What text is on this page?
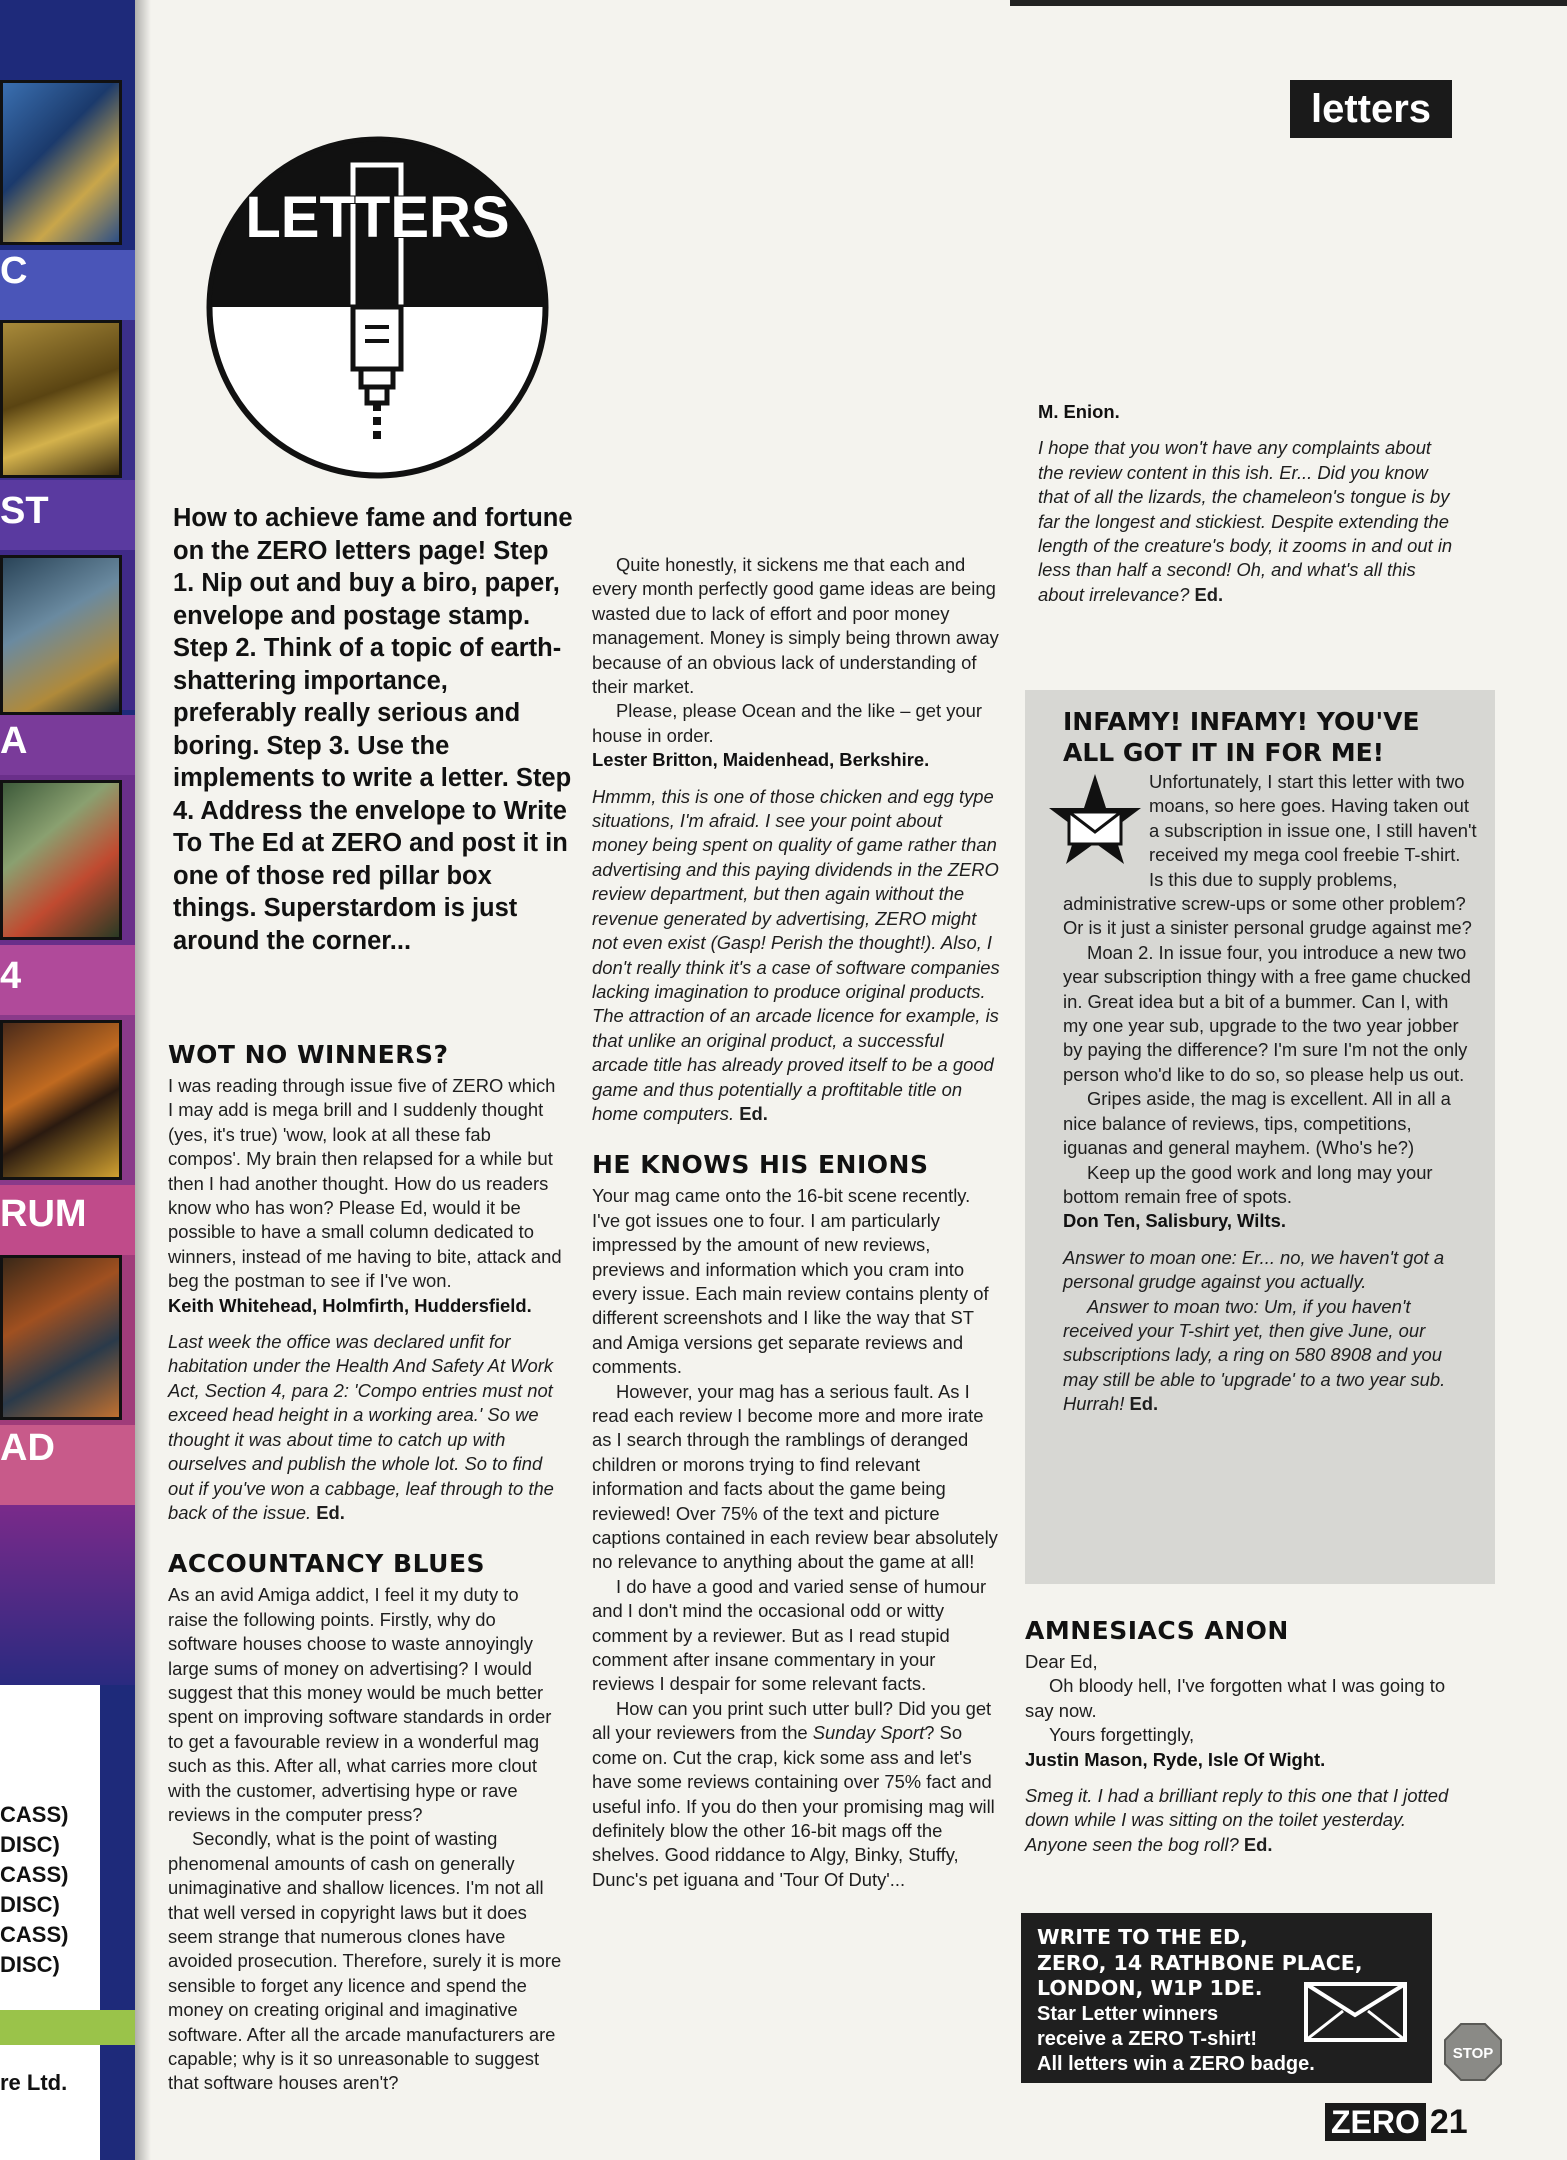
C
ST
A
4
RUM
AD
CASS)
DISC)
CASS)
DISC)
CASS)
DISC)
re Ltd.
letters
LETTERS
How to achieve fame and fortune on the ZERO letters page! Step 1. Nip out and buy a biro, paper, envelope and postage stamp. Step 2. Think of a topic of earth-shattering importance, preferably really serious and boring. Step 3. Use the implements to write a letter. Step 4. Address the envelope to Write To The Ed at ZERO and post it in one of those red pillar box things. Superstardom is just around the corner...
WOT NO WINNERS?

I was reading through issue five of ZERO which I may add is mega brill and I suddenly thought (yes, it's true) 'wow, look at all these fab compos'. My brain then relapsed for a while but then I had another thought. How do us readers know who has won? Please Ed, would it be possible to have a small column dedicated to winners, instead of me having to bite, attack and beg the postman to see if I've won.

Keith Whitehead, Holmfirth, Huddersfield.

Last week the office was declared unfit for habitation under the Health And Safety At Work Act, Section 4, para 2: 'Compo entries must not exceed head height in a working area.' So we thought it was about time to catch up with ourselves and publish the whole lot. So to find out if you've won a cabbage, leaf through to the back of the issue. Ed.

ACCOUNTANCY BLUES

As an avid Amiga addict, I feel it my duty to raise the following points. Firstly, why do software houses choose to waste annoyingly large sums of money on advertising? I would suggest that this money would be much better spent on improving software standards in order to get a favourable review in a wonderful mag such as this. After all, what carries more clout with the customer, advertising hype or rave reviews in the computer press?

Secondly, what is the point of wasting phenomenal amounts of cash on generally unimaginative and shallow licences. I'm not all that well versed in copyright laws but it does seem strange that numerous clones have avoided prosecution. Therefore, surely it is more sensible to forget any licence and spend the money on creating original and imaginative software. After all the arcade manufacturers are capable; why is it so unreasonable to suggest that software houses aren't?

Quite honestly, it sickens me that each and every month perfectly good game ideas are being wasted due to lack of effort and poor money management. Money is simply being thrown away because of an obvious lack of understanding of their market.

Please, please Ocean and the like – get your house in order.

Lester Britton, Maidenhead, Berkshire.

Hmmm, this is one of those chicken and egg type situations, I'm afraid. I see your point about money being spent on quality of game rather than advertising and this paying dividends in the ZERO review department, but then again without the revenue generated by advertising, ZERO might not even exist (Gasp! Perish the thought!). Also, I don't really think it's a case of software companies lacking imagination to produce original products. The attraction of an arcade licence for example, is that unlike an original product, a successful arcade title has already proved itself to be a good game and thus potentially a proftitable title on home computers. Ed.

HE KNOWS HIS ENIONS

Your mag came onto the 16-bit scene recently. I've got issues one to four. I am particularly impressed by the amount of new reviews, previews and information which you cram into every issue. Each main review contains plenty of different screenshots and I like the way that ST and Amiga versions get separate reviews and comments.

However, your mag has a serious fault. As I read each review I become more and more irate as I search through the ramblings of deranged children or morons trying to find relevant information and facts about the game being reviewed! Over 75% of the text and picture captions contained in each review bear absolutely no relevance to anything about the game at all!

I do have a good and varied sense of humour and I don't mind the occasional odd or witty comment by a reviewer. But as I read stupid comment after insane commentary in your reviews I despair for some relevant facts.

How can you print such utter bull? Did you get all your reviewers from the Sunday Sport? So come on. Cut the crap, kick some ass and let's have some reviews containing over 75% fact and useful info. If you do then your promising mag will definitely blow the other 16-bit mags off the shelves. Good riddance to Algy, Binky, Stuffy, Dunc's pet iguana and 'Tour Of Duty'...

M. Enion.

I hope that you won't have any complaints about the review content in this ish. Er... Did you know that of all the lizards, the chameleon's tongue is by far the longest and stickiest. Despite extending the length of the creature's body, it zooms in and out in less than half a second! Oh, and what's all this about irrelevance? Ed.

INFAMY! INFAMY! YOU'VE ALL GOT IT IN FOR ME!

Unfortunately, I start this letter with two moans, so here goes. Having taken out a subscription in issue one, I still haven't received my mega cool freebie T-shirt. Is this due to supply problems, administrative screw-ups or some other problem? Or is it just a sinister personal grudge against me?

Moan 2. In issue four, you introduce a new two year subscription thingy with a free game chucked in. Great idea but a bit of a bummer. Can I, with my one year sub, upgrade to the two year jobber by paying the difference? I'm sure I'm not the only person who'd like to do so, so please help us out.

Gripes aside, the mag is excellent. All in all a nice balance of reviews, tips, competitions, iguanas and general mayhem. (Who's he?)

Keep up the good work and long may your bottom remain free of spots.

Don Ten, Salisbury, Wilts.

Answer to moan one: Er... no, we haven't got a personal grudge against you actually.

Answer to moan two: Um, if you haven't received your T-shirt yet, then give June, our subscriptions lady, a ring on 580 8908 and you may still be able to 'upgrade' to a two year sub. Hurrah! Ed.

AMNESIACS ANON

Dear Ed,

Oh bloody hell, I've forgotten what I was going to say now.

Yours forgettingly,

Justin Mason, Ryde, Isle Of Wight.

Smeg it. I had a brilliant reply to this one that I jotted down while I was sitting on the toilet yesterday. Anyone seen the bog roll? Ed.

WRITE TO THE ED,
ZERO, 14 RATHBONE PLACE,
LONDON, W1P 1DE.
Star Letter winners
receive a ZERO T-shirt!
All letters win a ZERO badge.	STOP
ZERO 21
